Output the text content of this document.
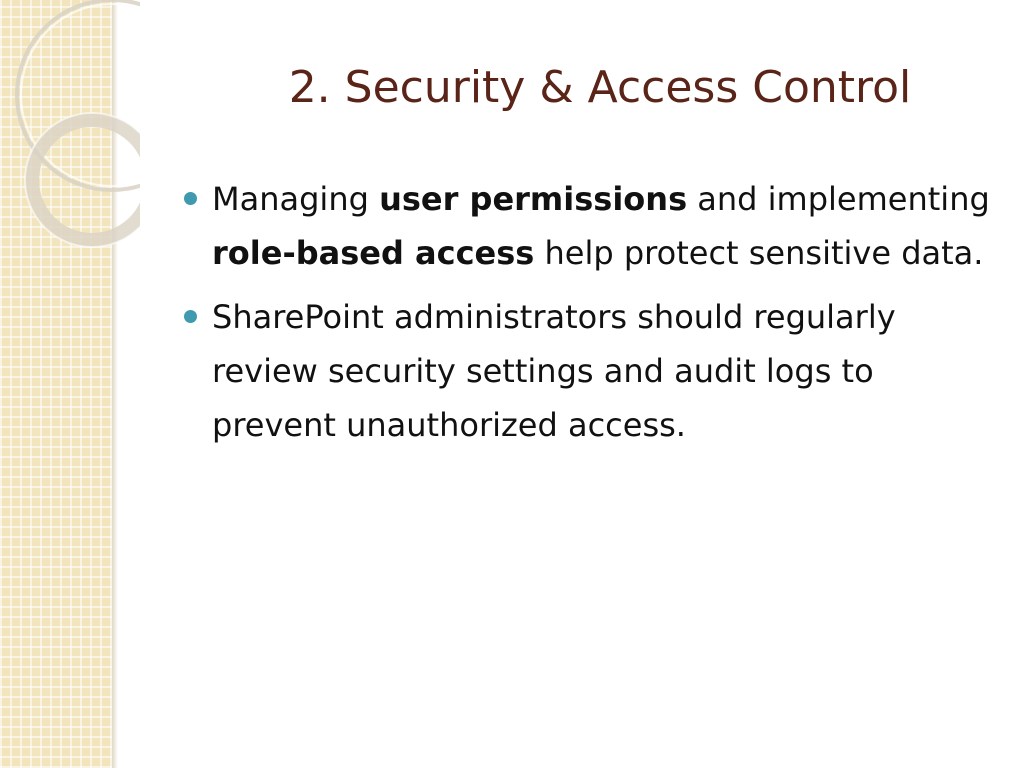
2. Security & Access Control
Managing user permissions and implementing role-based access help protect sensitive data.
SharePoint administrators should regularly review security settings and audit logs to prevent unauthorized access.
